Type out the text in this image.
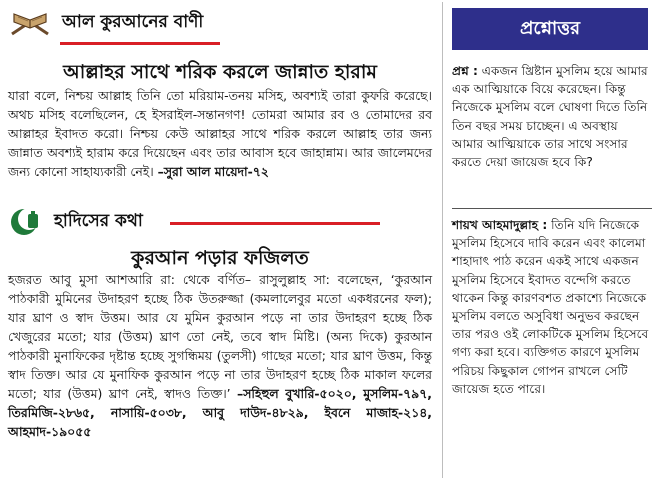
আল কুরআনের বাণী
আল্লাহর সাথে শরিক করলে জান্নাত হারাম
যারা বলে, নিশ্চয় আল্লাহ তিনি তো মরিয়াম-তনয় মসিহ, অবশ্যই তারা কুফরি করেছে। অথচ মসিহ বলেছিলেন, হে ইসরাইল-সন্তানগণ! তোমরা আমার রব ও তোমাদের রব আল্লাহর ইবাদত করো। নিশ্চয় কেউ আল্লাহর সাথে শরিক করলে আল্লাহ তার জন্য জান্নাত অবশ্যই হারাম করে দিয়েছেন এবং তার আবাস হবে জাহান্নাম। আর জালেমদের জন্য কোনো সাহায্যকারী নেই। –সুরা আল মায়েদা-৭২
হাদিসের কথা
কুরআন পড়ার ফজিলত
হজরত আবু মুসা আশআরি রা: থেকে বর্ণিত– রাসুলুল্লাহ সা: বলেছেন, ‘কুরআন পাঠকারী মুমিনের উদাহরণ হচ্ছে ঠিক উতরুজ্জা (কমলালেবুর মতো একধরনের ফল); যার ঘ্রাণ ও স্বাদ উত্তম। আর যে মুমিন কুরআন পড়ে না তার উদাহরণ হচ্ছে ঠিক খেজুরের মতো; যার (উত্তম) ঘ্রাণ তো নেই, তবে স্বাদ মিষ্টি। (অন্য দিকে) কুরআন পাঠকারী মুনাফিকের দৃষ্টান্ত হচ্ছে সুগন্ধিময় (তুলসী) গাছের মতো; যার ঘ্রাণ উত্তম, কিন্তু স্বাদ তিক্ত। আর যে মুনাফিক কুরআন পড়ে না তার উদাহরণ হচ্ছে ঠিক মাকাল ফলের মতো; যার (উত্তম) ঘ্রাণ নেই, স্বাদও তিক্ত।’ –সহিহুল বুখারি-৫০২০, মুসলিম-৭৯৭, তিরমিজি-২৮৬৫, নাসায়ি-৫০৩৮, আবু দাউদ-৪৮২৯, ইবনে মাজাহ-২১৪, আহমাদ-১৯০৫৫
প্রশ্নোত্তর
প্রশ্ন : একজন খ্রিষ্টান মুসলিম হয়ে আমার এক আত্মিয়াকে বিয়ে করেছেন। কিন্তু নিজেকে মুসলিম বলে ঘোষণা দিতে তিনি তিন বছর সময় চাচ্ছেন। এ অবস্থায় আমার আত্মিয়াকে তার সাথে সংসার করতে দেয়া জায়েজ হবে কি?
শায়খ আহমাদুল্লাহ : তিনি যদি নিজেকে মুসলিম হিসেবে দাবি করেন এবং কালেমা শাহাদাৎ পাঠ করেন একই সাথে একজন মুসলিম হিসেবে ইবাদত বন্দেগি করতে থাকেন কিন্তু কারণবশত প্রকাশ্যে নিজেকে মুসলিম বলতে অসুবিধা অনুভব করছেন তার পরও ওই লোকটিকে মুসলিম হিসেবে গণ্য করা হবে। ব্যক্তিগত কারণে মুসলিম পরিচয় কিছুকাল গোপন রাখলে সেটি জায়েজ হতে পারে।
